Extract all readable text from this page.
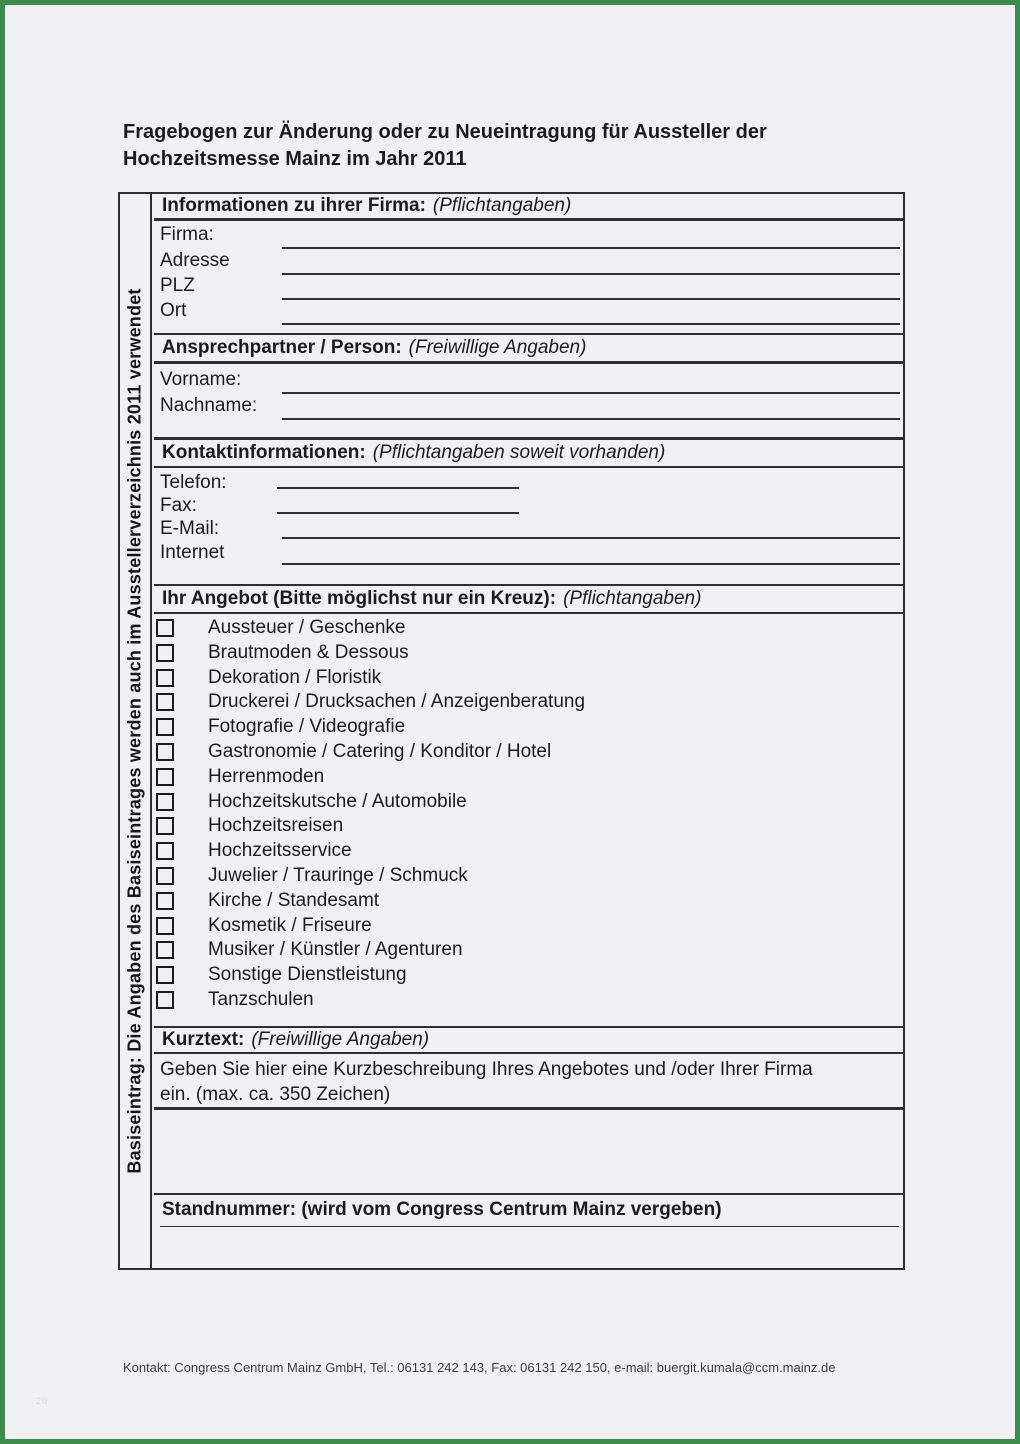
Fragebogen zur Änderung oder zu Neueintragung für Aussteller der
Hochzeitsmesse Mainz im Jahr 2011
Basiseintrag: Die Angaben des Basiseintrages werden auch im Ausstellerverzeichnis 2011 verwendet
Informationen zu ihrer Firma: (Pflichtangaben)
Firma:
Adresse
PLZ
Ort
Ansprechpartner / Person: (Freiwillige Angaben)
Vorname:
Nachname:
Kontaktinformationen: (Pflichtangaben soweit vorhanden)
Telefon:
Fax:
E-Mail:
Internet
Ihr Angebot (Bitte möglichst nur ein Kreuz): (Pflichtangaben)
Aussteuer / Geschenke
Brautmoden & Dessous
Dekoration / Floristik
Druckerei / Drucksachen / Anzeigenberatung
Fotografie / Videografie
Gastronomie / Catering / Konditor / Hotel
Herrenmoden
Hochzeitskutsche / Automobile
Hochzeitsreisen
Hochzeitsservice
Juwelier / Trauringe / Schmuck
Kirche / Standesamt
Kosmetik / Friseure
Musiker / Künstler / Agenturen
Sonstige Dienstleistung
Tanzschulen
Kurztext: (Freiwillige Angaben)
Geben Sie hier eine Kurzbeschreibung Ihres Angebotes und /oder Ihrer Firma
ein. (max. ca. 350 Zeichen)
Standnummer: (wird vom Congress Centrum Mainz vergeben)
Kontakt: Congress Centrum Mainz GmbH, Tel.: 06131 242 143, Fax: 06131 242 150, e-mail: buergit.kumala@ccm.mainz.de
20
